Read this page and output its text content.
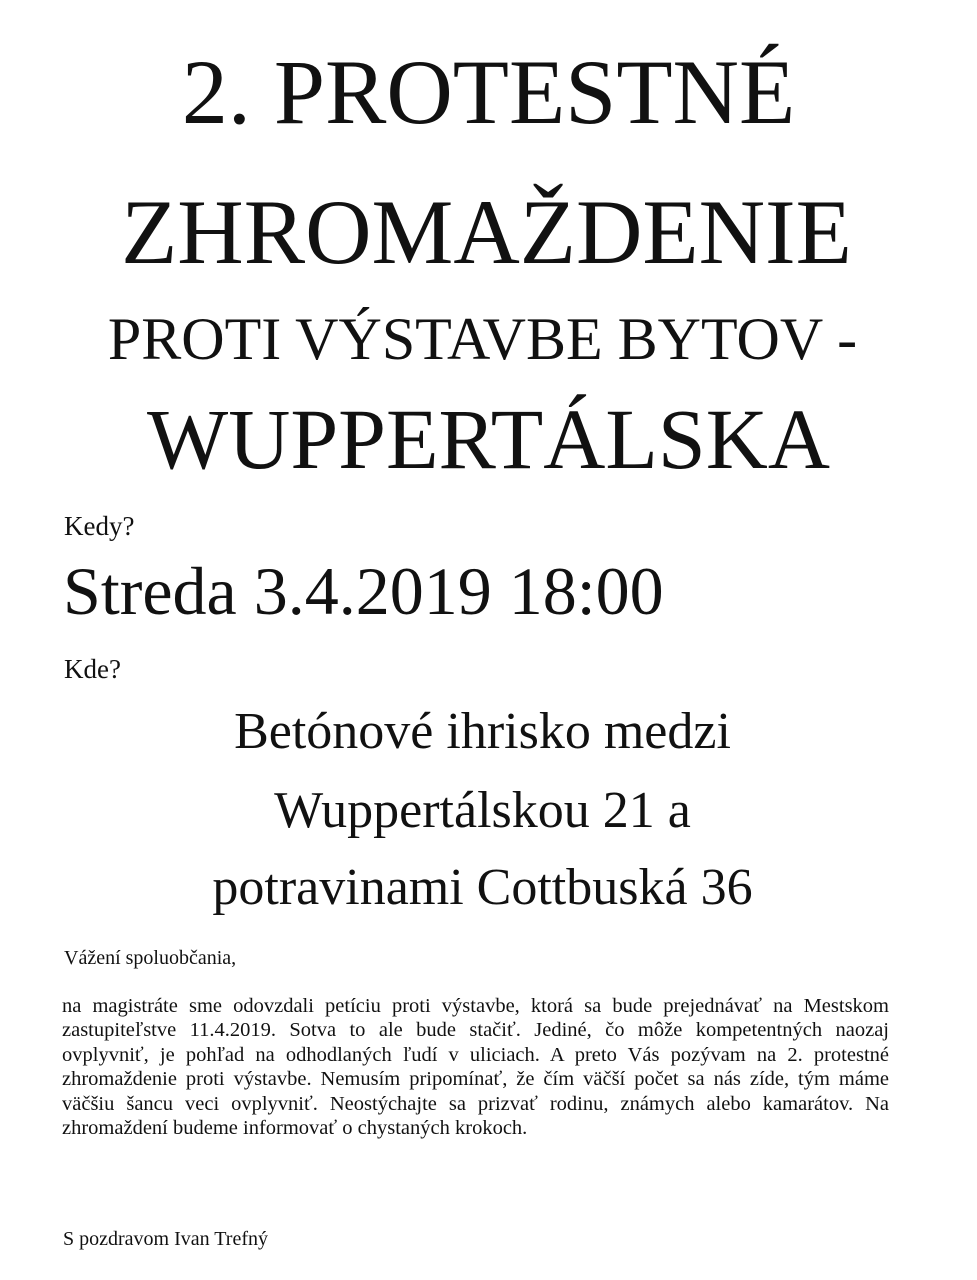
2. PROTESTNÉ

ZHROMAŽDENIE

PROTI VÝSTAVBE BYTOV -

WUPPERTÁLSKA

Kedy?

Streda 3.4.2019 18:00

Kde?

Betónové ihrisko medzi

Wuppertálskou 21 a

potravinami Cottbuská 36

Vážení spoluobčania,

na magistráte sme odovzdali petíciu proti výstavbe, ktorá sa bude prejednávať na Mestskom zastupiteľstve 11.4.2019. Sotva to ale bude stačiť. Jediné, čo môže kompetentných naozaj ovplyvniť, je pohľad na odhodlaných ľudí v uliciach. A preto Vás pozývam na 2. protestné zhromaždenie proti výstavbe. Nemusím pripomínať, že čím väčší počet sa nás zíde, tým máme väčšiu šancu veci ovplyvniť. Neostýchajte sa prizvať rodinu, známych alebo kamarátov. Na zhromaždení budeme informovať o chystaných krokoch.

S pozdravom Ivan Trefný
